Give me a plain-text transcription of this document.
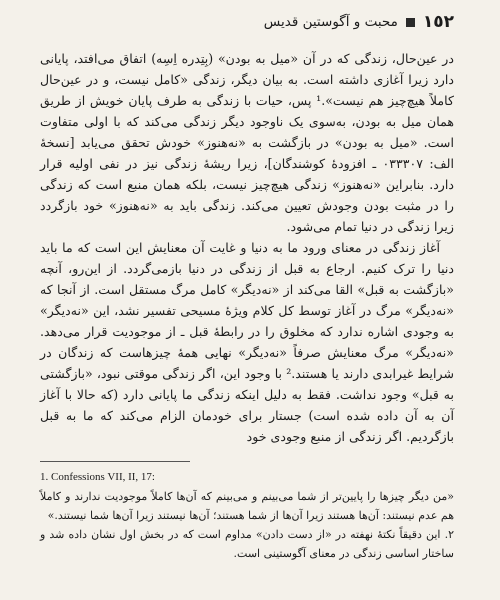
١٥٢
محبت و آگوستین قدیس

در عین‌حال، زندگی که در آن «میل به بودن» (بِتِدره اِسِه) اتفاق می‌افتد، پایانی دارد زیرا آغازی داشته است. به بیان دیگر، زندگی «کامل نیست، و در عین‌حال کاملاً هیچ‌چیز هم نیست».¹ پس، حیات با زندگی به طرف پایان خویش از طریق همان میل به بودن، به‌سوی یک ناوجود دیگر زندگی می‌کند که با اولی متفاوت است. «میل به بودن» در بازگشت به «نه‌هنوز» خودش تحقق می‌یابد [نسخهٔ الف: ۰۳۳۳۰۷ ـ افزودهٔ کوشندگان]، زیرا ریشهٔ زندگی نیز در نفی اولیه قرار دارد. بنابراین «نه‌هنوز» زندگی هیچ‌چیز نیست، بلکه همان منبع است که زندگی را در مثبت بودن وجودش تعیین می‌کند. زندگی باید به «نه‌هنوز» خود بازگردد زیرا زندگی در دنیا تمام می‌شود.

آغاز زندگی در معنای ورود ما به دنیا و غایت آن معنایش این است که ما باید دنیا را ترک کنیم. ارجاع به قبل از زندگی در دنیا بازمی‌گردد. از این‌رو، آنچه «بازگشت به قبل» القا می‌کند از «نه‌دیگر» کامل مرگ مستقل است. از آنجا که «نه‌دیگر» مرگ در آغاز توسط کل کلام ویژهٔ مسیحی تفسیر نشد، این «نه‌دیگر» به وجودی اشاره ندارد که مخلوق را در رابطهٔ قبل ـ از موجودیت قرار می‌دهد. «نه‌دیگر» مرگ معنایش صرفاً «نه‌دیگر» نهایی همهٔ چیزهاست که زندگان در شرایط غیرابدی دارند یا هستند.² با وجود این، اگر زندگی موقتی نبود، «بازگشتی به قبل» وجود نداشت. فقط به دلیل اینکه زندگی ما پایانی دارد (که حالا با آغاز آن به آن داده شده است) جستار برای خودمان الزام می‌کند که ما به قبل بازگردیم. اگر زندگی از منبع وجودی خود

1. Confessions VII, II, 17:
«من دیگر چیزها را پایین‌تر از شما می‌بینم و می‌بینم که آن‌ها کاملاً موجودیت ندارند و کاملاً هم عدم نیستند: آن‌ها هستند زیرا آن‌ها از شما هستند؛ آن‌ها نیستند زیرا آن‌ها شما نیستند.»
۲. این دقیقاً نکتهٔ نهفته در «از دست دادن» مداوم است که در بخش اول نشان داده شد و ساختار اساسی زندگی در معنای آگوستینی است.
